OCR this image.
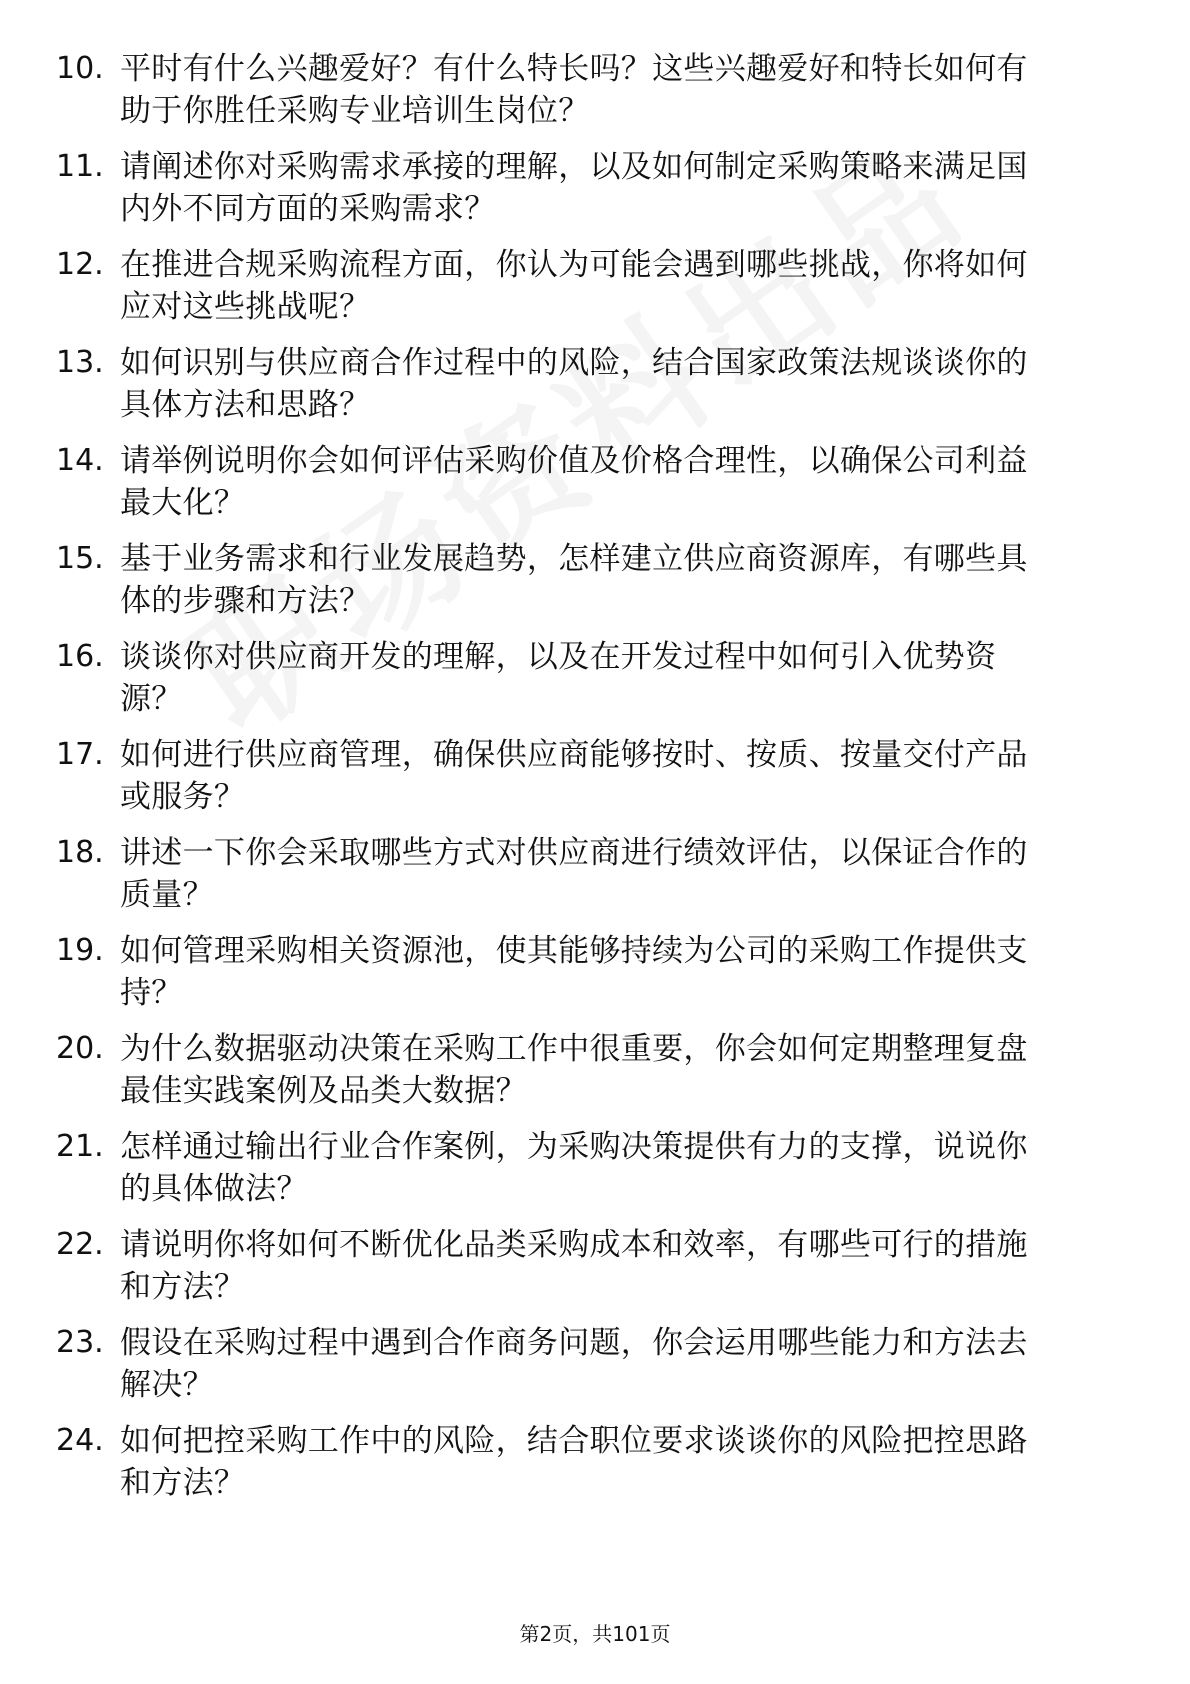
10. 平时有什么兴趣爱好？有什么特长吗？这些兴趣爱好和特长如何有助于你胜任采购专业培训生岗位？
11. 请阐述你对采购需求承接的理解，以及如何制定采购策略来满足国内外不同方面的采购需求？
12. 在推进合规采购流程方面，你认为可能会遇到哪些挑战，你将如何应对这些挑战呢？
13. 如何识别与供应商合作过程中的风险，结合国家政策法规谈谈你的具体方法和思路？
14. 请举例说明你会如何评估采购价值及价格合理性，以确保公司利益最大化？
15. 基于业务需求和行业发展趋势，怎样建立供应商资源库，有哪些具体的步骤和方法？
16. 谈谈你对供应商开发的理解，以及在开发过程中如何引入优势资源？
17. 如何进行供应商管理，确保供应商能够按时、按质、按量交付产品或服务？
18. 讲述一下你会采取哪些方式对供应商进行绩效评估，以保证合作的质量？
19. 如何管理采购相关资源池，使其能够持续为公司的采购工作提供支持？
20. 为什么数据驱动决策在采购工作中很重要，你会如何定期整理复盘最佳实践案例及品类大数据？
21. 怎样通过输出行业合作案例，为采购决策提供有力的支撑，说说你的具体做法？
22. 请说明你将如何不断优化品类采购成本和效率，有哪些可行的措施和方法？
23. 假设在采购过程中遇到合作商务问题，你会运用哪些能力和方法去解决？
24. 如何把控采购工作中的风险，结合职位要求谈谈你的风险把控思路和方法？
第2页，共101页
